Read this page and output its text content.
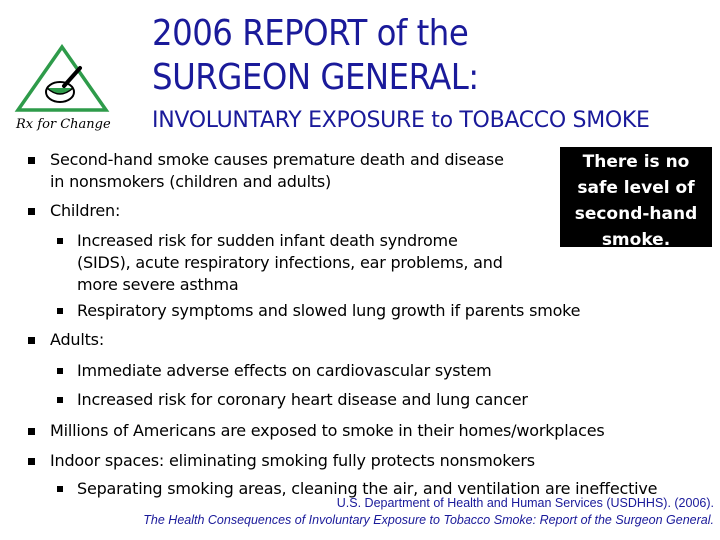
Rx for Change
2006 REPORT of the
SURGEON GENERAL:
INVOLUNTARY EXPOSURE to TOBACCO SMOKE
There is no
safe level of
second-hand
smoke.
Second-hand smoke causes premature death and disease
in nonsmokers (children and adults)
Children:
Increased risk for sudden infant death syndrome
(SIDS), acute respiratory infections, ear problems, and
more severe asthma
Respiratory symptoms and slowed lung growth if parents smoke
Adults:
Immediate adverse effects on cardiovascular system
Increased risk for coronary heart disease and lung cancer
Millions of Americans are exposed to smoke in their homes/workplaces
Indoor spaces: eliminating smoking fully protects nonsmokers
Separating smoking areas, cleaning the air, and ventilation are ineffective
U.S. Department of Health and Human Services (USDHHS). (2006).
The Health Consequences of Involuntary Exposure to Tobacco Smoke: Report of the Surgeon General.
